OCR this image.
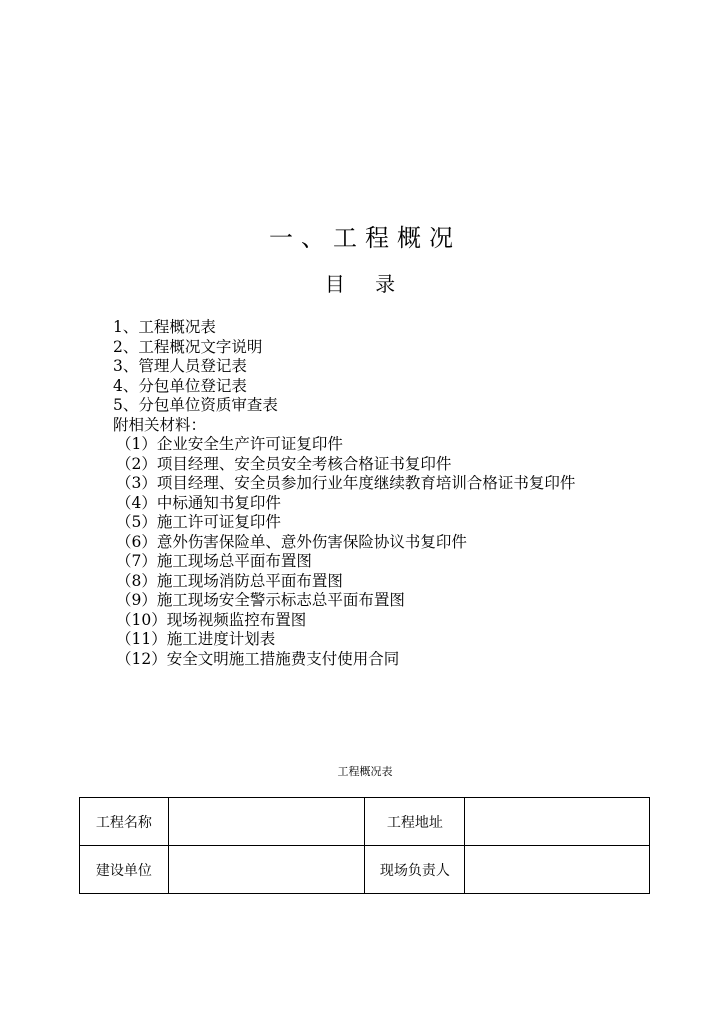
一、工程概况
目 录
1、工程概况表
2、工程概况文字说明
3、管理人员登记表
4、分包单位登记表
5、分包单位资质审查表
附相关材料：
（1）企业安全生产许可证复印件
（2）项目经理、安全员安全考核合格证书复印件
（3）项目经理、安全员参加行业年度继续教育培训合格证书复印件
（4）中标通知书复印件
（5）施工许可证复印件
（6）意外伤害保险单、意外伤害保险协议书复印件
（7）施工现场总平面布置图
（8）施工现场消防总平面布置图
（9）施工现场安全警示标志总平面布置图
（10）现场视频监控布置图
（11）施工进度计划表
（12）安全文明施工措施费支付使用合同
工程概况表
工程名称		工程地址	
建设单位		现场负责人	
